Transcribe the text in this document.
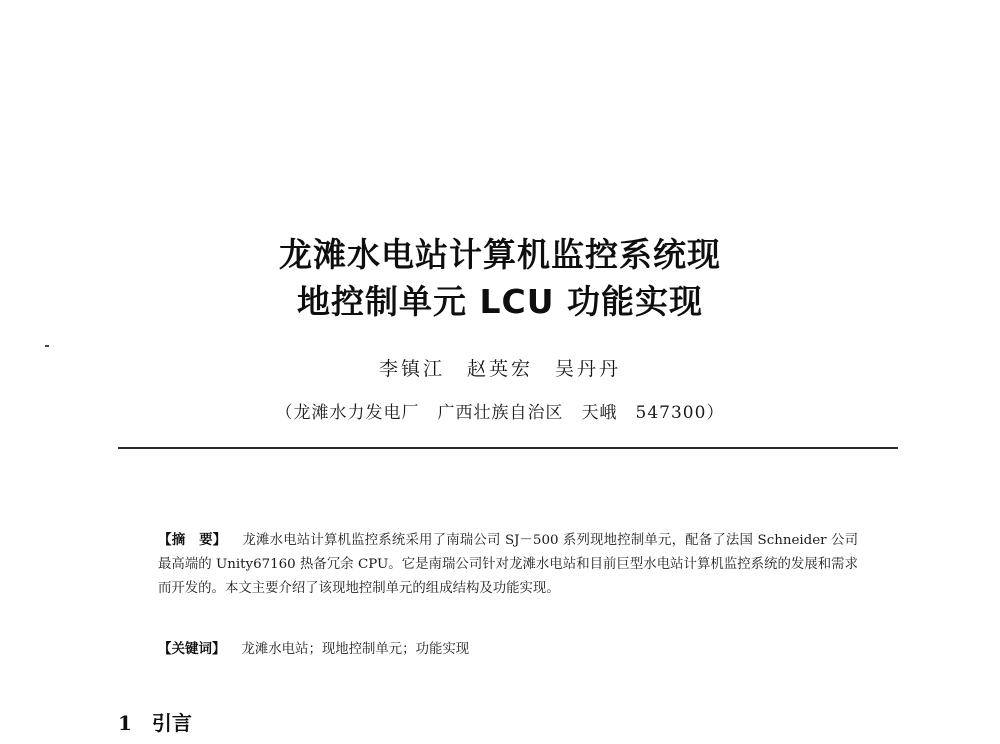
龙滩水电站计算机监控系统现
地控制单元 LCU 功能实现
李镇江　赵英宏　吴丹丹
（龙滩水力发电厂　广西壮族自治区　天峨　547300）
【摘　要】 龙滩水电站计算机监控系统采用了南瑞公司 SJ－500 系列现地控制单元，配备了法国 Schneider 公司最高端的 Unity67160 热备冗余 CPU。它是南瑞公司针对龙滩水电站和目前巨型水电站计算机监控系统的发展和需求而开发的。本文主要介绍了该现地控制单元的组成结构及功能实现。
【关键词】 龙滩水电站；现地控制单元；功能实现
1 引言
